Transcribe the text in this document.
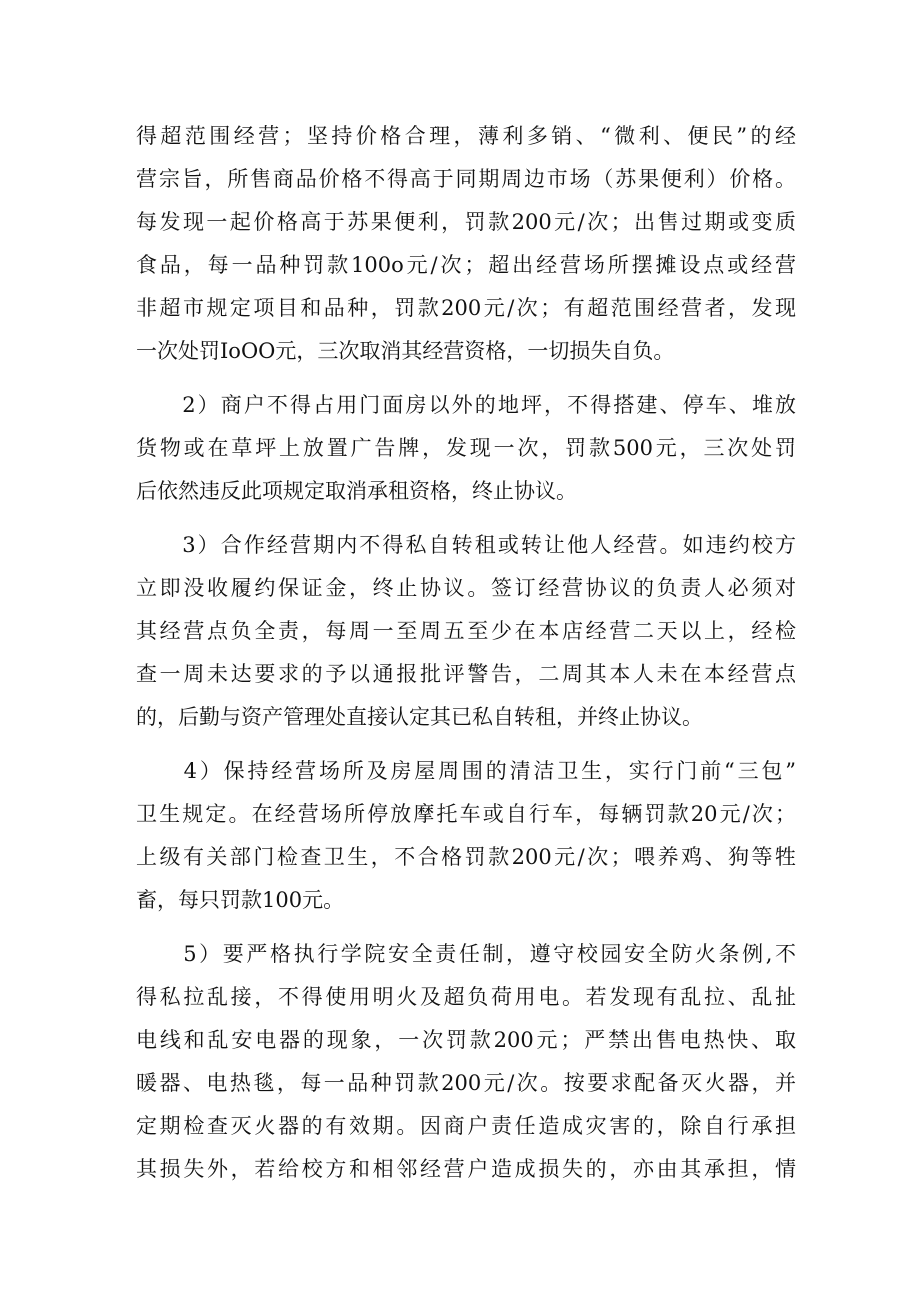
得超范围经营；坚持价格合理，薄利多销、“微利、便民”的经
营宗旨，所售商品价格不得高于同期周边市场（苏果便利）价格。
每发现一起价格高于苏果便利，罚款200元/次；出售过期或变质
食品，每一品种罚款100o元/次；超出经营场所摆摊设点或经营
非超市规定项目和品种，罚款200元/次；有超范围经营者，发现
一次处罚IoOO元，三次取消其经营资格，一切损失自负。
　　2）商户不得占用门面房以外的地坪，不得搭建、停车、堆放
货物或在草坪上放置广告牌，发现一次，罚款500元，三次处罚
后依然违反此项规定取消承租资格，终止协议。
　　3）合作经营期内不得私自转租或转让他人经营。如违约校方
立即没收履约保证金，终止协议。签订经营协议的负责人必须对
其经营点负全责，每周一至周五至少在本店经营二天以上，经检
查一周未达要求的予以通报批评警告，二周其本人未在本经营点
的，后勤与资产管理处直接认定其已私自转租，并终止协议。
　　4）保持经营场所及房屋周围的清洁卫生，实行门前“三包”
卫生规定。在经营场所停放摩托车或自行车，每辆罚款20元/次；
上级有关部门检查卫生，不合格罚款200元/次；喂养鸡、狗等牲
畜，每只罚款100元。
　　5）要严格执行学院安全责任制，遵守校园安全防火条例,不
得私拉乱接，不得使用明火及超负荷用电。若发现有乱拉、乱扯
电线和乱安电器的现象，一次罚款200元；严禁出售电热快、取
暖器、电热毯，每一品种罚款200元/次。按要求配备灭火器，并
定期检查灭火器的有效期。因商户责任造成灾害的，除自行承担
其损失外，若给校方和相邻经营户造成损失的，亦由其承担，情
